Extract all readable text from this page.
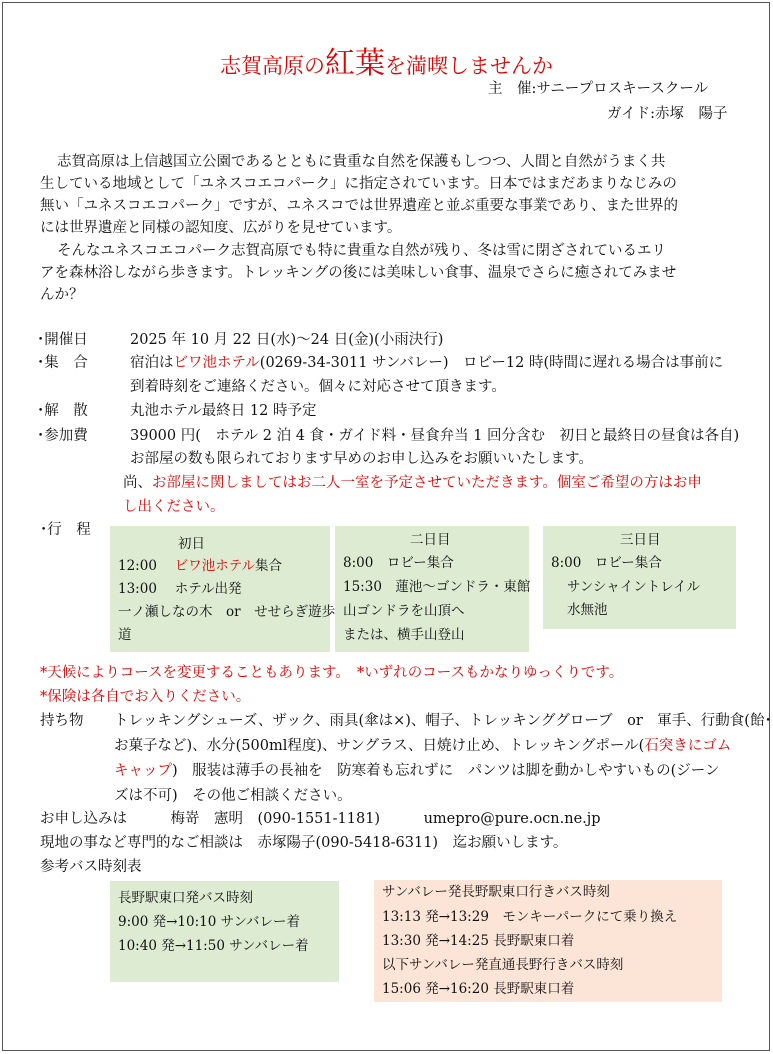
志賀高原の紅葉を満喫しませんか
主　催:サニープロスキースクール
ガイド:赤塚　陽子
志賀高原は上信越国立公園であるとともに貴重な自然を保護もしつつ、人間と自然がうまく共
生している地域として「ユネスコエコパーク」に指定されています。日本ではまだあまりなじみの
無い「ユネスコエコパーク」ですが、ユネスコでは世界遺産と並ぶ重要な事業であり、また世界的
には世界遺産と同様の認知度、広がりを見せています。
そんなユネスコエコパーク志賀高原でも特に貴重な自然が残り、冬は雪に閉ざされているエリ
アを森林浴しながら歩きます。トレッキングの後には美味しい食事、温泉でさらに癒されてみませ
んか？
･開催日	2025 年 10 月 22 日(水)～24 日(金)(小雨決行)
･集　合	宿泊はビワ池ホテル(0269-34-3011 サンバレー)　ロビー12 時(時間に遅れる場合は事前に
到着時刻をご連絡ください。個々に対応させて頂きます。
･解　散	丸池ホテル最終日 12 時予定
･参加費	39000 円(　ホテル 2 泊 4 食・ガイド料・昼食弁当 1 回分含む　初日と最終日の昼食は各自)
お部屋の数も限られております早めのお申し込みをお願いいたします。
尚、お部屋に関しましてはお二人一室を予定させていただきます。個室ご希望の方はお申
し出ください。
･行　程
初日
12:00　 ビワ池ホテル集合
13:00　 ホテル出発
一ノ瀬しなの木　or　せせらぎ遊歩
道
二日目
8:00　ロビー集合
15:30　蓮池～ゴンドラ・東館
山ゴンドラを山頂へ
または、横手山登山
三日目
8:00　ロビー集合
サンシャイントレイル
水無池
*天候によりコースを変更することもあります。 *いずれのコースもかなりゆっくりです。
*保険は各自でお入りください。
持ち物 トレッキングシューズ、ザック、雨具(傘は×)、帽子、トレッキンググローブ　or　軍手、行動食(飴･
お菓子など)、水分(500ml程度)、サングラス、日焼け止め、トレッキングポール(石突きにゴム
キャップ)　服装は薄手の長袖を　防寒着も忘れずに　パンツは脚を動かしやすいもの(ジーン
ズは不可)　その他ご相談ください。
お申し込みは　　　梅嵜　憲明　(090-1551-1181)　　　umepro@pure.ocn.ne.jp
現地の事など専門的なご相談は　赤塚陽子(090-5418-6311)　迄お願いします。
参考バス時刻表
長野駅東口発バス時刻
9:00 発→10:10 サンバレー着
10:40 発→11:50 サンバレー着
サンバレー発長野駅東口行きバス時刻
13:13 発→13:29　モンキーパークにて乗り換え
13:30 発→14:25 長野駅東口着
以下サンバレー発直通長野行きバス時刻
15:06 発→16:20 長野駅東口着
